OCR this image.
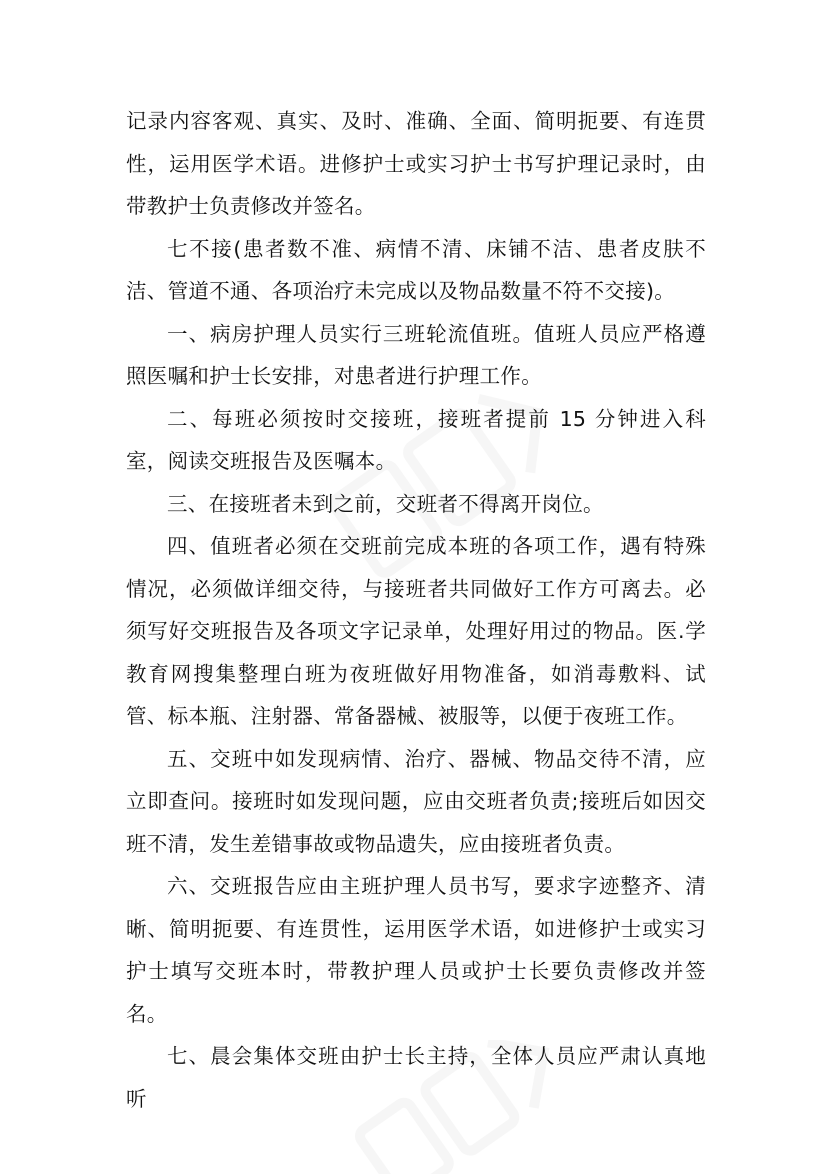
记录内容客观、真实、及时、准确、全面、简明扼要、有连贯性，运用医学术语。进修护士或实习护士书写护理记录时，由带教护士负责修改并签名。

七不接(患者数不准、病情不清、床铺不洁、患者皮肤不洁、管道不通、各项治疗未完成以及物品数量不符不交接)。

一、病房护理人员实行三班轮流值班。值班人员应严格遵照医嘱和护士长安排，对患者进行护理工作。

二、每班必须按时交接班，接班者提前 15 分钟进入科室，阅读交班报告及医嘱本。

三、在接班者未到之前，交班者不得离开岗位。

四、值班者必须在交班前完成本班的各项工作，遇有特殊情况，必须做详细交待，与接班者共同做好工作方可离去。必须写好交班报告及各项文字记录单，处理好用过的物品。医.学教育网搜集整理白班为夜班做好用物准备，如消毒敷料、试管、标本瓶、注射器、常备器械、被服等，以便于夜班工作。

五、交班中如发现病情、治疗、器械、物品交待不清，应立即查问。接班时如发现问题，应由交班者负责;接班后如因交班不清，发生差错事故或物品遗失，应由接班者负责。

六、交班报告应由主班护理人员书写，要求字迹整齐、清晰、简明扼要、有连贯性，运用医学术语，如进修护士或实习护士填写交班本时，带教护理人员或护士长要负责修改并签名。

七、晨会集体交班由护士长主持，全体人员应严肃认真地听
